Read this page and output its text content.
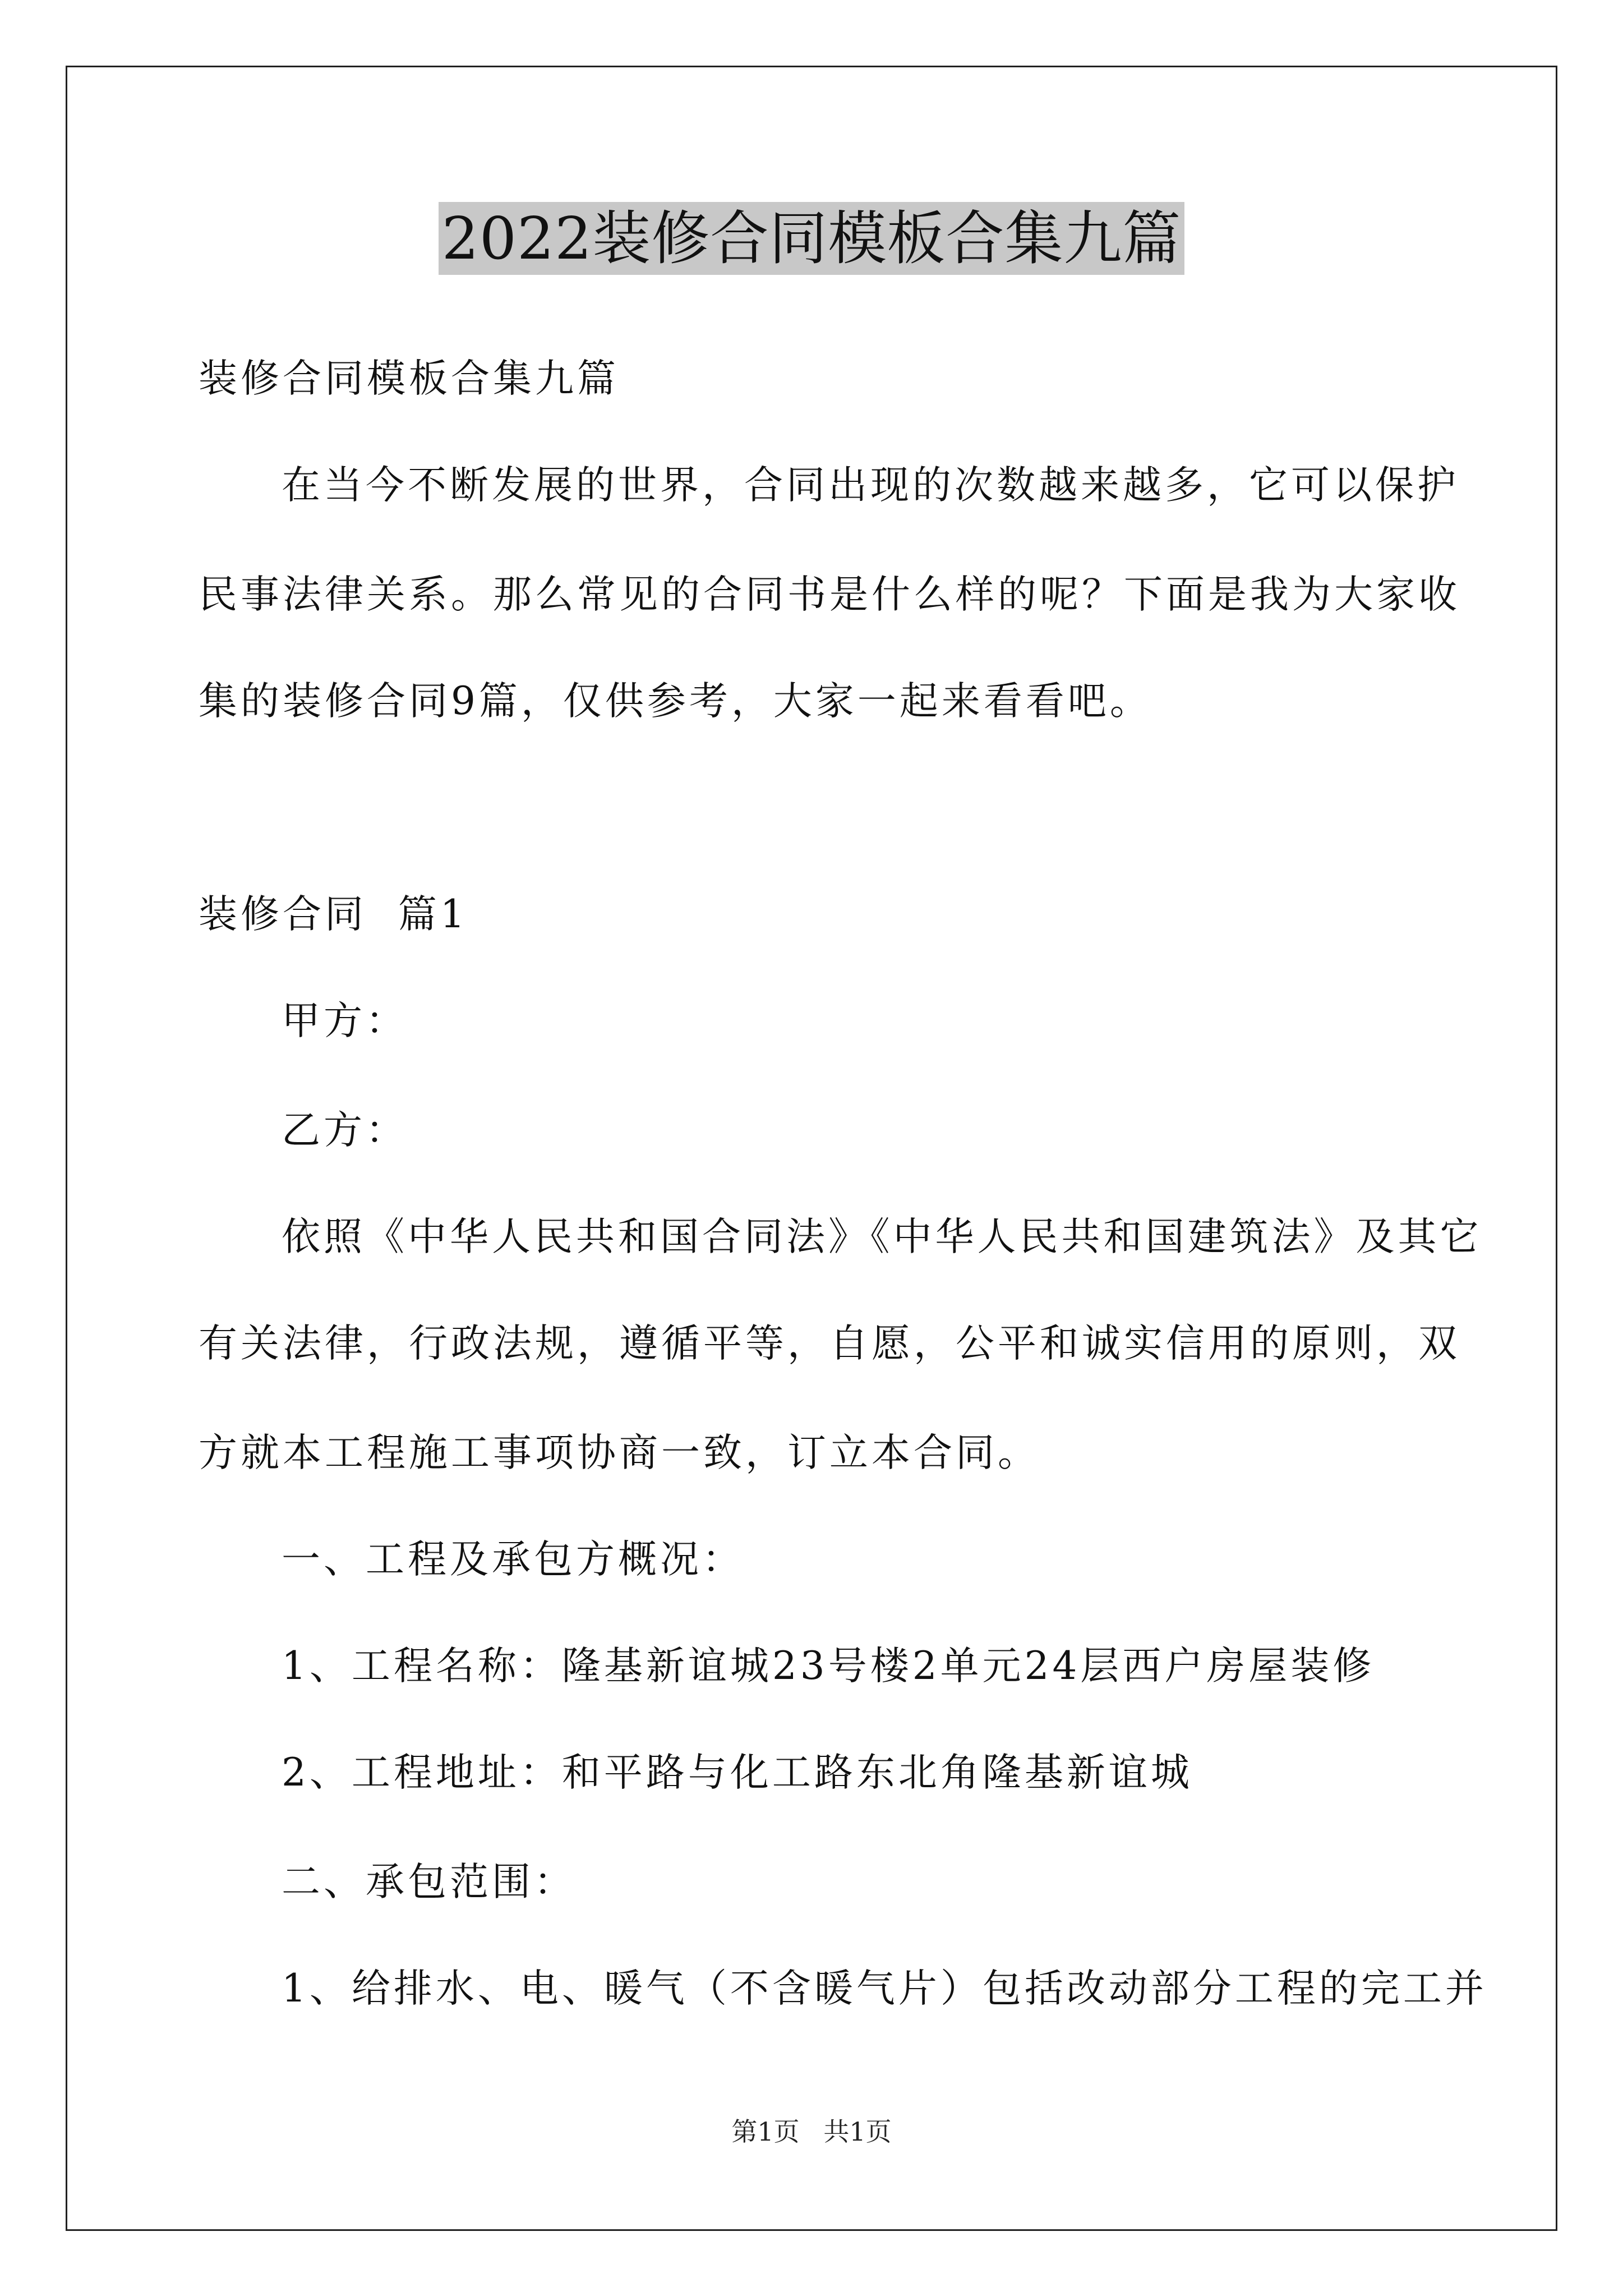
2022装修合同模板合集九篇
装修合同模板合集九篇
在当今不断发展的世界，合同出现的次数越来越多，它可以保护
民事法律关系。那么常见的合同书是什么样的呢？下面是我为大家收
集的装修合同9篇，仅供参考，大家一起来看看吧。
装修合同  篇1
甲方：
乙方：
依照《中华人民共和国合同法》《中华人民共和国建筑法》及其它
有关法律，行政法规，遵循平等，自愿，公平和诚实信用的原则，双
方就本工程施工事项协商一致，订立本合同。
一、工程及承包方概况：
1、工程名称：隆基新谊城23号楼2单元24层西户房屋装修
2、工程地址：和平路与化工路东北角隆基新谊城
二、承包范围：
1、给排水、电、暖气（不含暖气片）包括改动部分工程的完工并
第1页 共1页
